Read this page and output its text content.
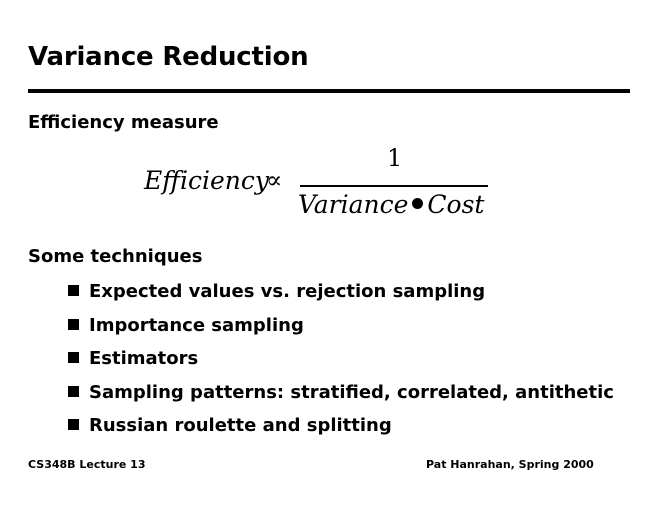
Variance Reduction
Efficiency measure
Efficiency
∝
1
Variance Cost
Some techniques
Expected values vs. rejection sampling
Importance sampling
Estimators
Sampling patterns: stratified, correlated, antithetic
Russian roulette and splitting
CS348B Lecture 13	Pat Hanrahan, Spring 2000
